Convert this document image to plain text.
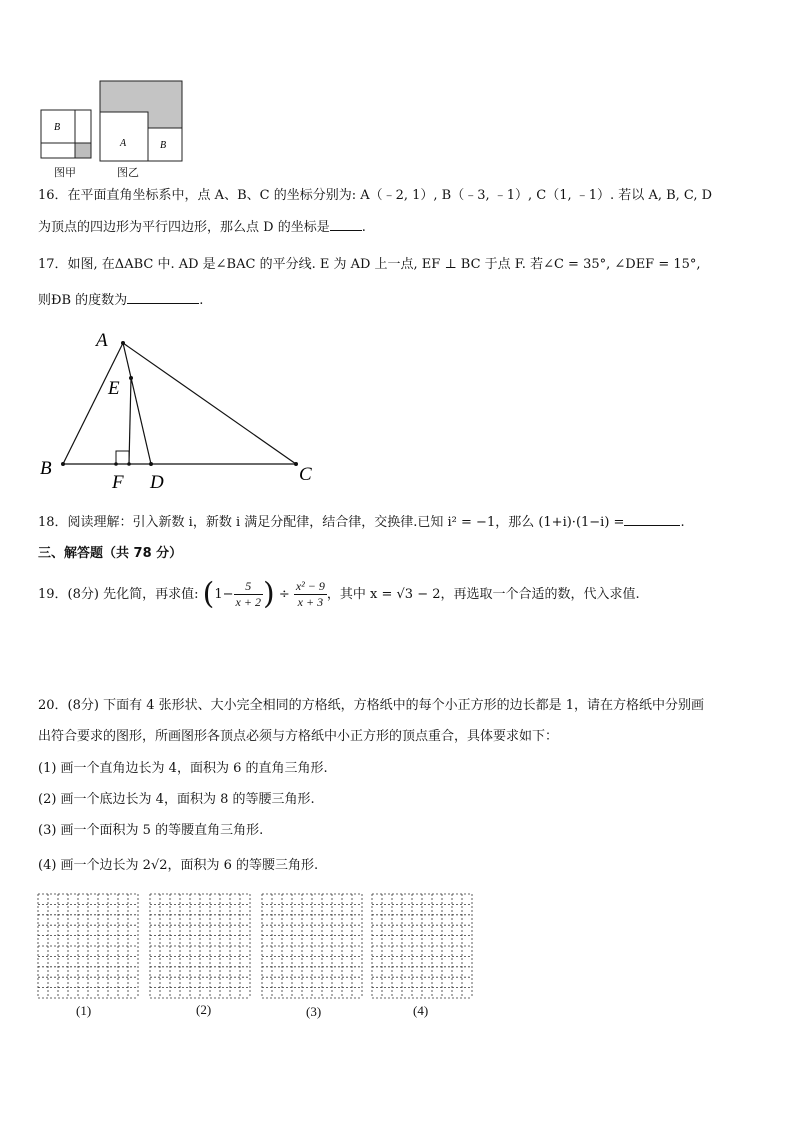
B
A	B
图甲	图乙
16．在平面直角坐标系中，点 A、B、C 的坐标分别为: A（﹣2, 1）, B（﹣3, ﹣1）, C（1, ﹣1）. 若以 A, B, C, D
为顶点的四边形为平行四边形，那么点 D 的坐标是 .
17．如图, 在ΔABC 中. AD 是∠BAC 的平分线. E 为 AD 上一点, EF ⊥ BC 于点 F. 若∠C = 35°, ∠DEF = 15°,
则ÐB 的度数为	.
A
E
B
F D	C
18．阅读理解：引入新数 i，新数 i 满足分配律，结合律，交换律.已知 i² = −1，那么 (1+i)·(1−i) =	.
三、解答题（共 78 分）
19．(8分) 先化简，再求值: ($1- \frac{5}{x + 2}$ ) ÷ $\frac{\text{x² − 9}}{x + 3}$ ，其中 x = √3 − 2，再选取一个合适的数，代入求值.
20．(8分) 下面有 4 张形状、大小完全相同的方格纸，方格纸中的每个小正方形的边长都是 1，请在方格纸中分别画
出符合要求的图形，所画图形各顶点必须与方格纸中小正方形的顶点重合，具体要求如下：
(1) 画一个直角边长为 4，面积为 6 的直角三角形.
(2) 画一个底边长为 4，面积为 8 的等腰三角形.
(3) 画一个面积为 5 的等腰直角三角形.
(4) 画一个边长为 2√2，面积为 6 的等腰三角形.
(1)	(2)	(3)	(4)
